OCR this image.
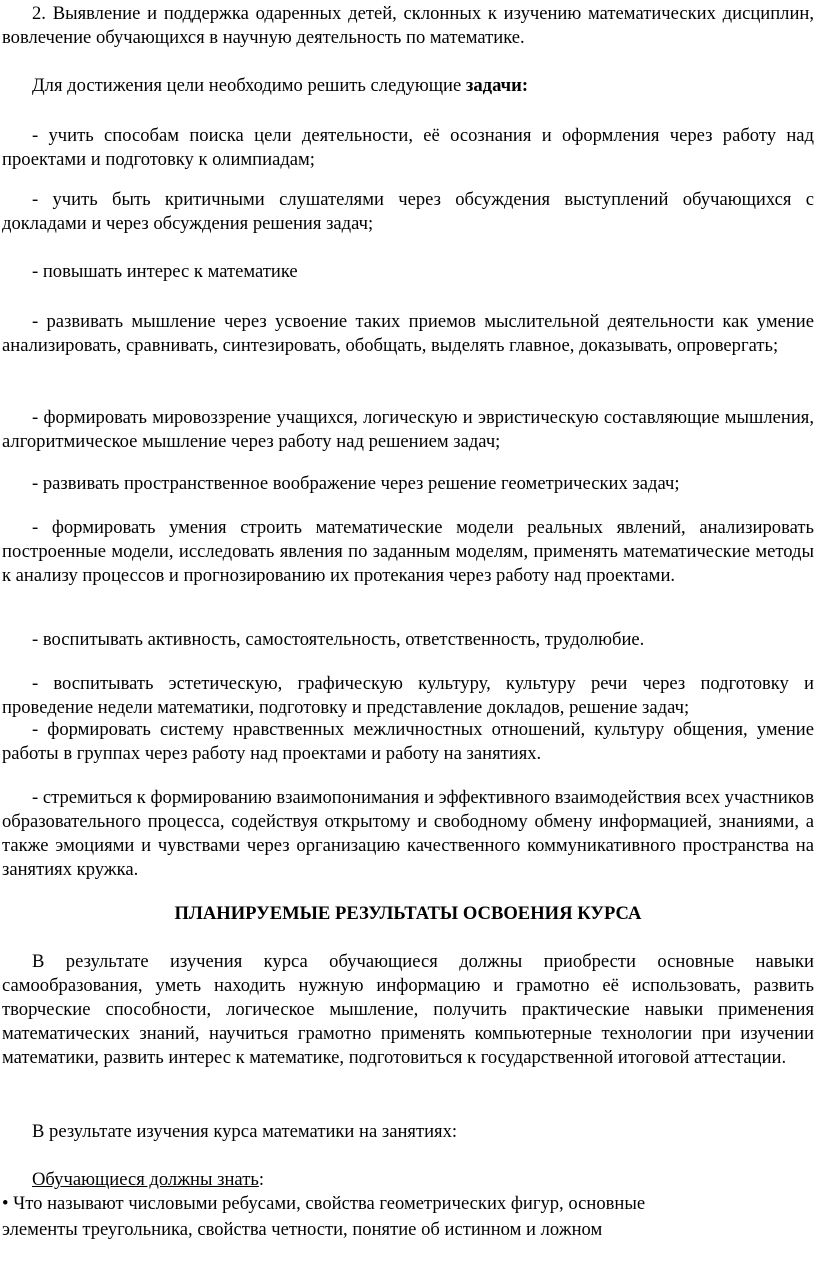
2. Выявление и поддержка одаренных детей, склонных к изучению математических дисциплин, вовлечение обучающихся в научную деятельность по математике.

Для достижения цели необходимо решить следующие задачи:

- учить способам поиска цели деятельности, её осознания и оформления через работу над проектами и подготовку к олимпиадам;

- учить быть критичными слушателями через обсуждения выступлений обучающихся с докладами и через обсуждения решения задач;

- повышать интерес к математике

- развивать мышление через усвоение таких приемов мыслительной деятельности как умение анализировать, сравнивать, синтезировать, обобщать, выделять главное, доказывать, опровергать;

- формировать мировоззрение учащихся, логическую и эвристическую составляющие мышления, алгоритмическое мышление через работу над решением задач;

- развивать пространственное воображение через решение геометрических задач;

- формировать умения строить математические модели реальных явлений, анализировать построенные модели, исследовать явления по заданным моделям, применять математические методы к анализу процессов и прогнозированию их протекания через работу над проектами.

- воспитывать активность, самостоятельность, ответственность, трудолюбие.

- воспитывать эстетическую, графическую культуру, культуру речи через подготовку и проведение недели математики, подготовку и представление докладов, решение задач;

- формировать систему нравственных межличностных отношений, культуру общения, умение работы в группах через работу над проектами и работу на занятиях.

- стремиться к формированию взаимопонимания и эффективного взаимодействия всех участников образовательного процесса, содействуя открытому и свободному обмену информацией, знаниями, а также эмоциями и чувствами через организацию качественного коммуникативного пространства на занятиях кружка.

ПЛАНИРУЕМЫЕ РЕЗУЛЬТАТЫ ОСВОЕНИЯ КУРСА

В результате изучения курса обучающиеся должны приобрести основные навыки самообразования, уметь находить нужную информацию и грамотно её использовать, развить творческие способности, логическое мышление, получить практические навыки применения математических знаний, научиться грамотно применять компьютерные технологии при изучении математики, развить интерес к математике, подготовиться к государственной итоговой аттестации.

В результате изучения курса математики на занятиях:

Обучающиеся должны знать:

• Что называют числовыми ребусами, свойства геометрических фигур, основные

элементы треугольника, свойства четности, понятие об истинном и ложном
